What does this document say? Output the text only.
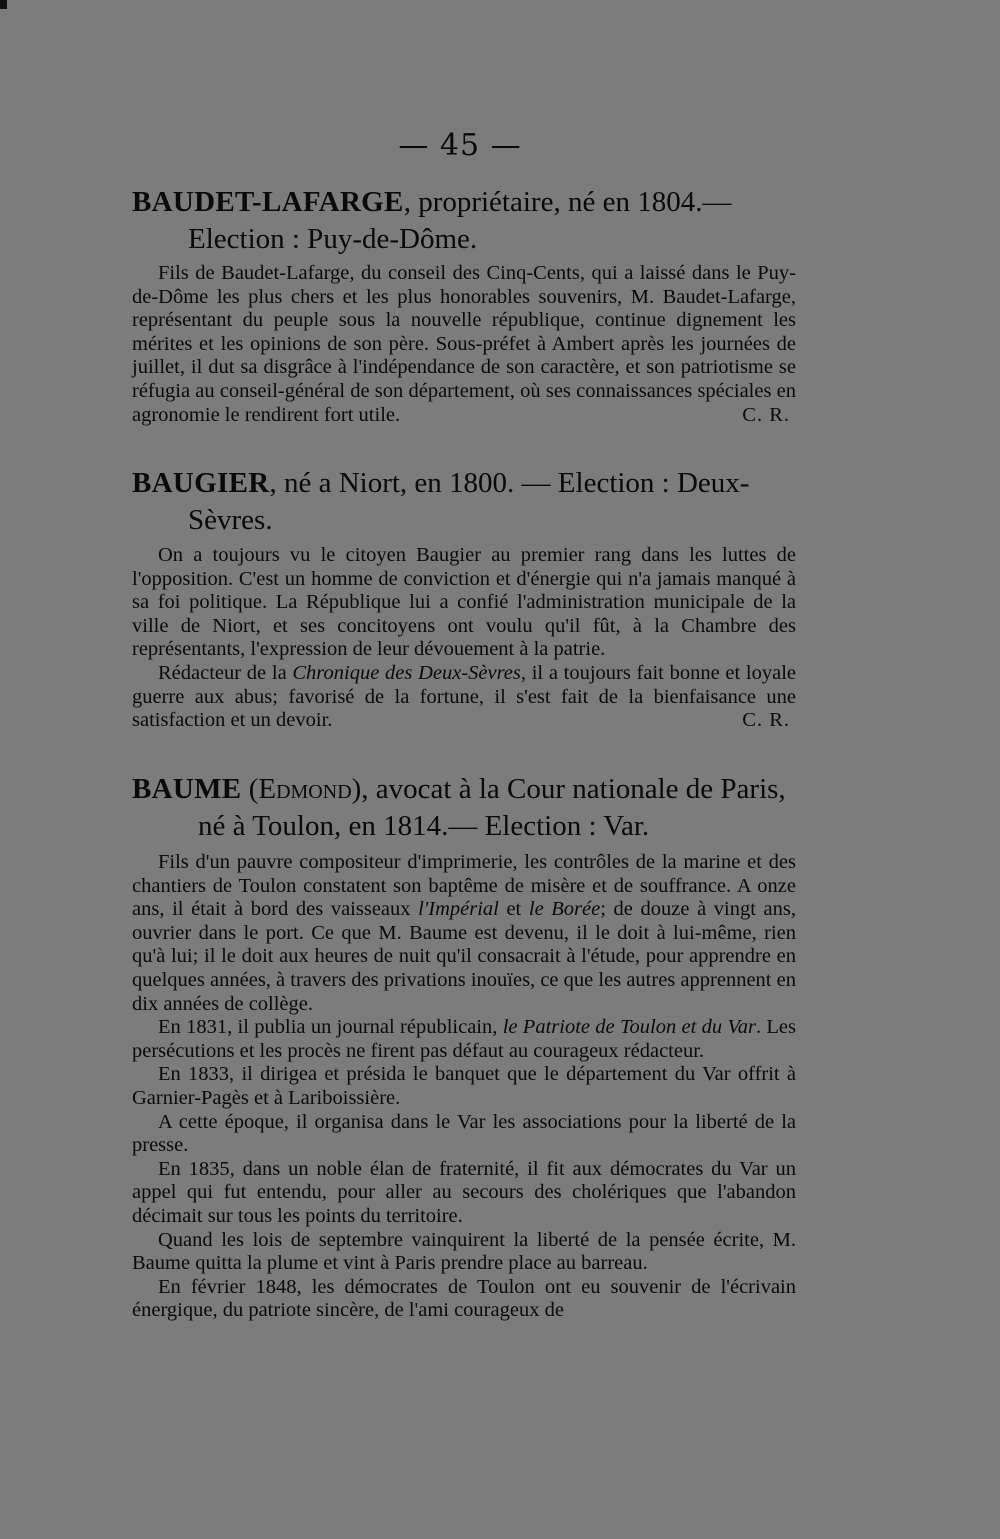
— 45 —
BAUDET-LAFARGE, propriétaire, né en 1804.—
Election : Puy-de-Dôme.

Fils de Baudet-Lafarge, du conseil des Cinq-Cents, qui a laissé dans le Puy-de-Dôme les plus chers et les plus honorables souvenirs, M. Baudet-Lafarge, représentant du peuple sous la nouvelle république, continue dignement les mérites et les opinions de son père. Sous-préfet à Ambert après les journées de juillet, il dut sa disgrâce à l'indépendance de son caractère, et son patriotisme se réfugia au conseil-général de son département, où ses connaissances spéciales en agronomie le rendirent fort utile.	C. R.

BAUGIER, né a Niort, en 1800. — Election : Deux-
Sèvres.

On a toujours vu le citoyen Baugier au premier rang dans les luttes de l'opposition. C'est un homme de conviction et d'énergie qui n'a jamais manqué à sa foi politique. La République lui a confié l'administration municipale de la ville de Niort, et ses concitoyens ont voulu qu'il fût, à la Chambre des représentants, l'expression de leur dévouement à la patrie.

Rédacteur de la Chronique des Deux-Sèvres, il a toujours fait bonne et loyale guerre aux abus; favorisé de la fortune, il s'est fait de la bienfaisance une satisfaction et un devoir.	C. R.

BAUME (Edmond), avocat à la Cour nationale de Paris,
né à Toulon, en 1814.— Election : Var.

Fils d'un pauvre compositeur d'imprimerie, les contrôles de la marine et des chantiers de Toulon constatent son baptême de misère et de souffrance. A onze ans, il était à bord des vaisseaux l'Impérial et le Borée; de douze à vingt ans, ouvrier dans le port. Ce que M. Baume est devenu, il le doit à lui-même, rien qu'à lui; il le doit aux heures de nuit qu'il consacrait à l'étude, pour apprendre en quelques années, à travers des privations inouïes, ce que les autres apprennent en dix années de collège.

En 1831, il publia un journal républicain, le Patriote de Toulon et du Var. Les persécutions et les procès ne firent pas défaut au courageux rédacteur.

En 1833, il dirigea et présida le banquet que le département du Var offrit à Garnier-Pagès et à Lariboissière.

A cette époque, il organisa dans le Var les associations pour la liberté de la presse.

En 1835, dans un noble élan de fraternité, il fit aux démocrates du Var un appel qui fut entendu, pour aller au secours des cholériques que l'abandon décimait sur tous les points du territoire.

Quand les lois de septembre vainquirent la liberté de la pensée écrite, M. Baume quitta la plume et vint à Paris prendre place au barreau.

En février 1848, les démocrates de Toulon ont eu souvenir de l'écrivain énergique, du patriote sincère, de l'ami courageux de
